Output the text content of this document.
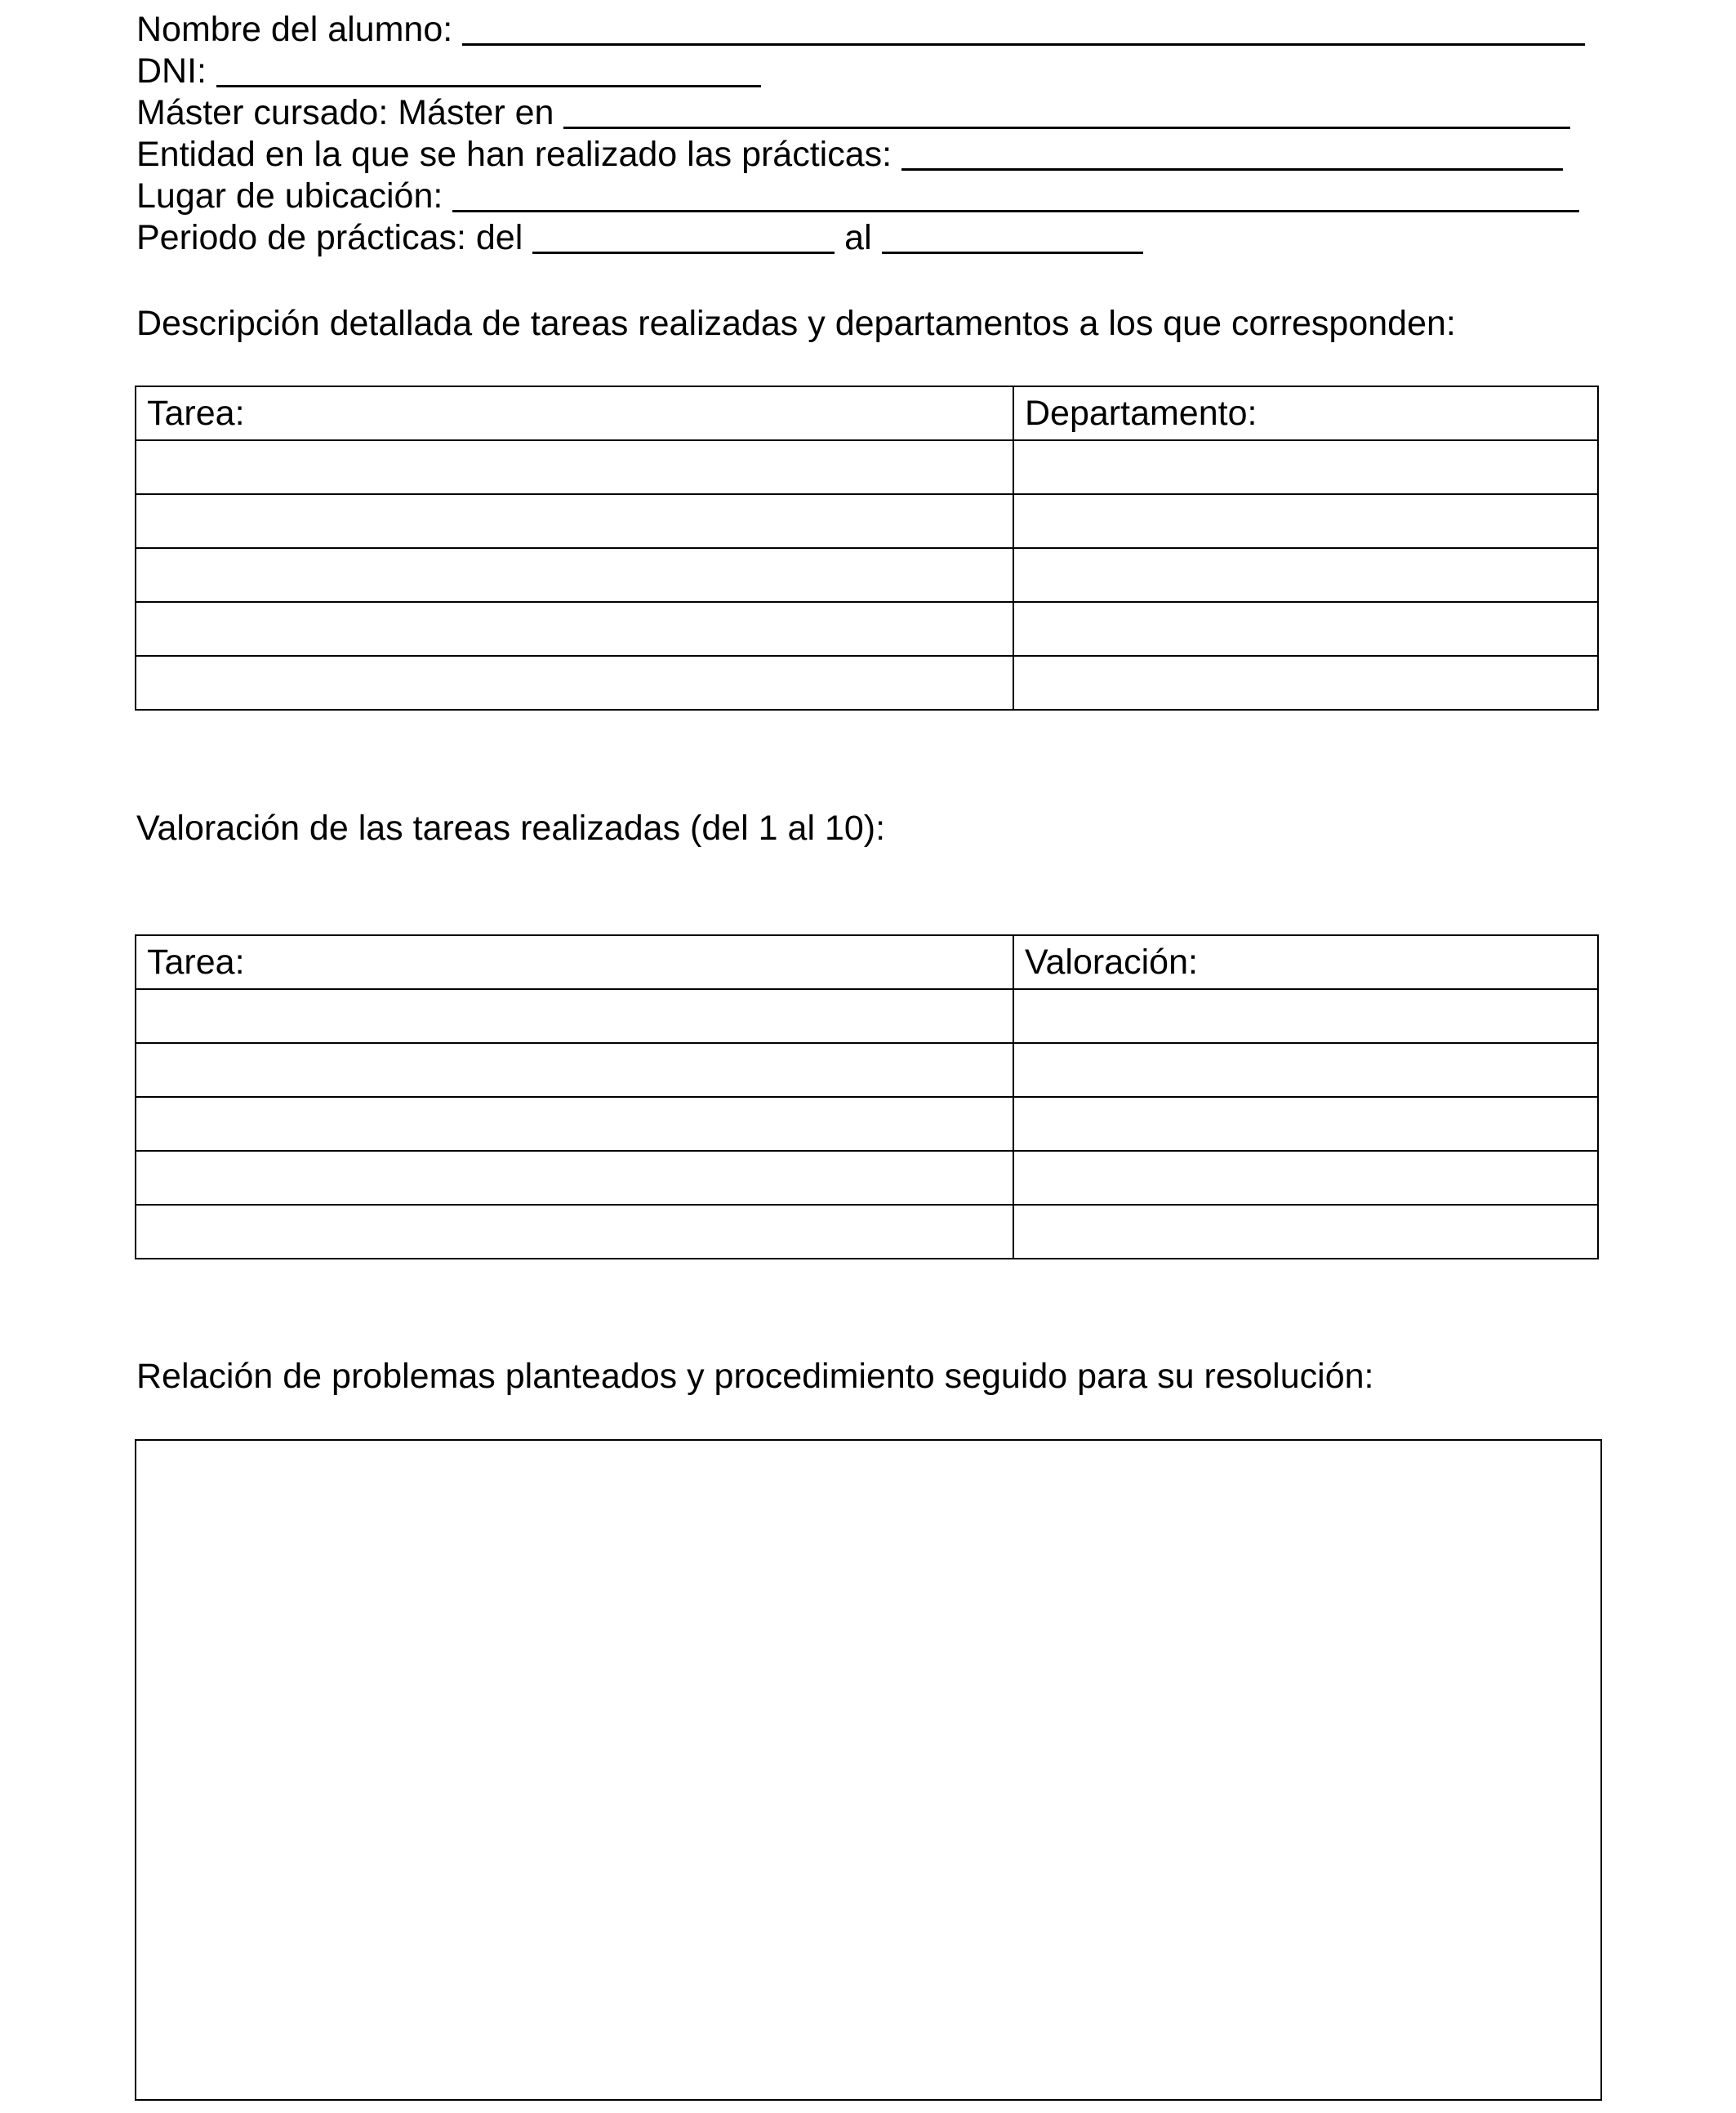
Nombre del alumno:
DNI:
Máster cursado: Máster en
Entidad en la que se han realizado las prácticas:
Lugar de ubicación:
Periodo de prácticas: del	al
Descripción detallada de tareas realizadas y departamentos a los que corresponden:
Tarea:	Departamento:

Valoración de las tareas realizadas (del 1 al 10):
Tarea:	Valoración:

Relación de problemas planteados y procedimiento seguido para su resolución:
